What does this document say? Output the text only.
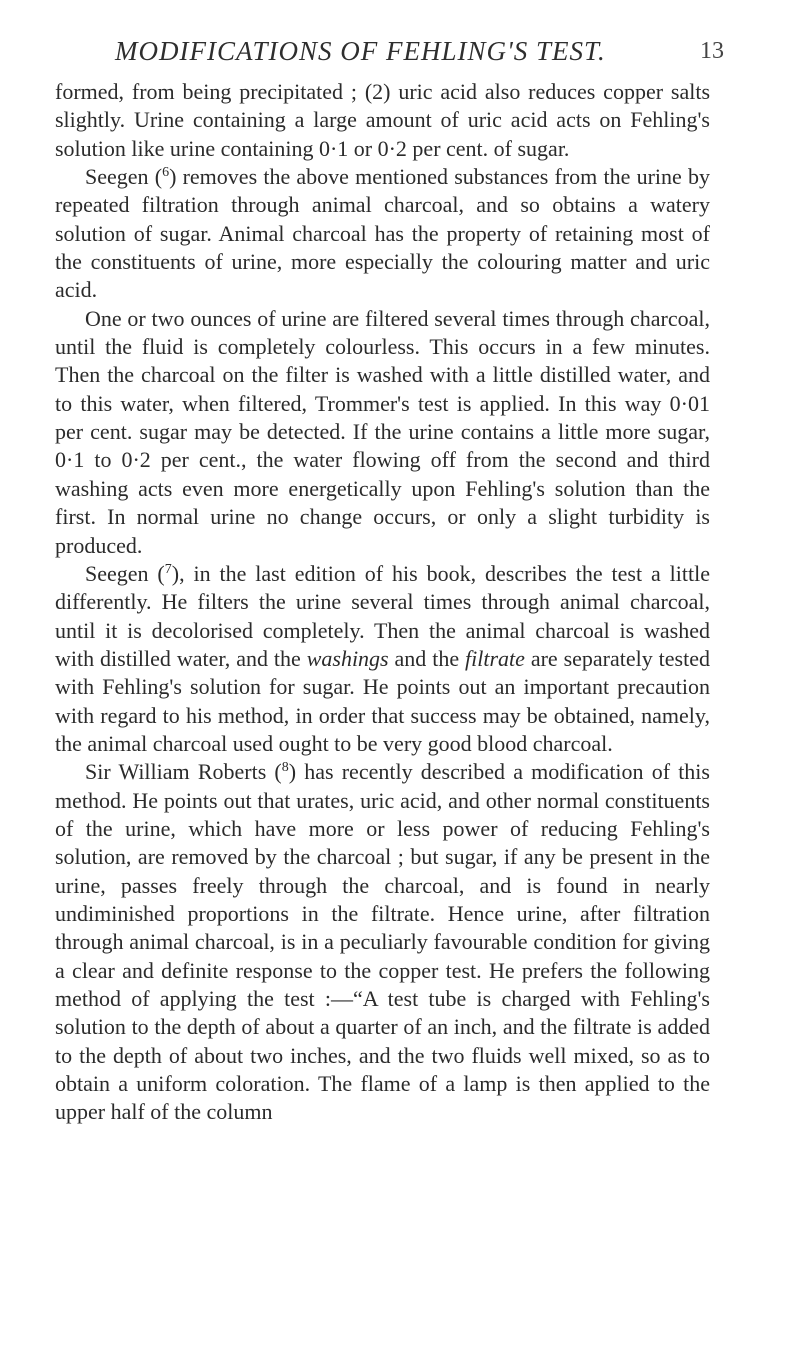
MODIFICATIONS OF FEHLING'S TEST.	13

formed, from being precipitated ; (2) uric acid also reduces copper salts slightly. Urine containing a large amount of uric acid acts on Fehling's solution like urine containing 0·1 or 0·2 per cent. of sugar.

Seegen ($^6$) removes the above mentioned substances from the urine by repeated filtration through animal charcoal, and so obtains a watery solution of sugar. Animal charcoal has the property of retaining most of the constituents of urine, more especially the colouring matter and uric acid.

One or two ounces of urine are filtered several times through charcoal, until the fluid is completely colourless. This occurs in a few minutes. Then the charcoal on the filter is washed with a little distilled water, and to this water, when filtered, Trommer's test is applied. In this way 0·01 per cent. sugar may be detected. If the urine contains a little more sugar, 0·1 to 0·2 per cent., the water flowing off from the second and third washing acts even more energetically upon Fehling's solution than the first. In normal urine no change occurs, or only a slight turbidity is produced.

Seegen ($^7$), in the last edition of his book, describes the test a little differently. He filters the urine several times through animal charcoal, until it is decolorised completely. Then the animal charcoal is washed with distilled water, and the washings and the filtrate are separately tested with Fehling's solution for sugar. He points out an important precaution with regard to his method, in order that success may be obtained, namely, the animal charcoal used ought to be very good blood charcoal.

Sir William Roberts ($^8$) has recently described a modification of this method. He points out that urates, uric acid, and other normal constituents of the urine, which have more or less power of reducing Fehling's solution, are removed by the charcoal ; but sugar, if any be present in the urine, passes freely through the charcoal, and is found in nearly undiminished proportions in the filtrate. Hence urine, after filtration through animal charcoal, is in a peculiarly favourable condition for giving a clear and definite response to the copper test. He prefers the following method of applying the test :—“A test tube is charged with Fehling's solution to the depth of about a quarter of an inch, and the filtrate is added to the depth of about two inches, and the two fluids well mixed, so as to obtain a uniform coloration. The flame of a lamp is then applied to the upper half of the column
